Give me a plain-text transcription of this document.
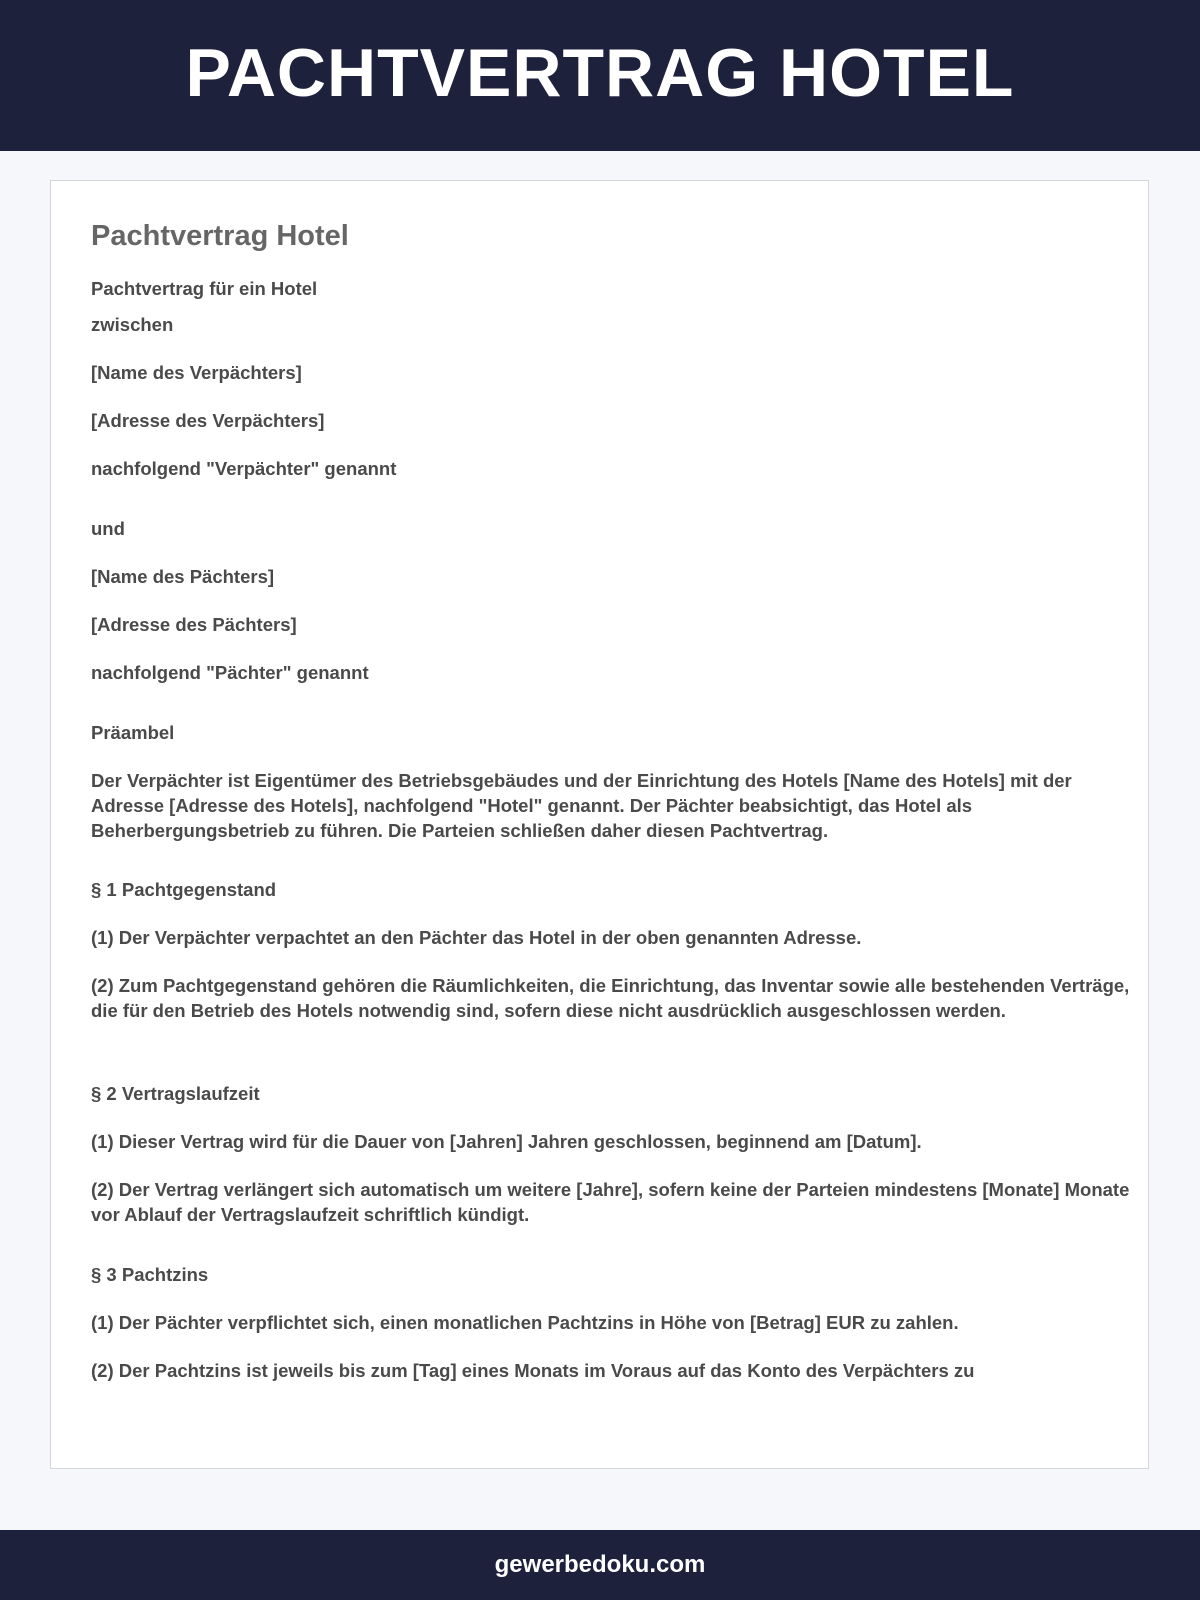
PACHTVERTRAG HOTEL
Pachtvertrag Hotel

Pachtvertrag für ein Hotel

zwischen

[Name des Verpächters]

[Adresse des Verpächters]

nachfolgend "Verpächter" genannt

und

[Name des Pächters]

[Adresse des Pächters]

nachfolgend "Pächter" genannt

Präambel

Der Verpächter ist Eigentümer des Betriebsgebäudes und der Einrichtung des Hotels [Name des Hotels] mit der Adresse [Adresse des Hotels], nachfolgend "Hotel" genannt. Der Pächter beabsichtigt, das Hotel als Beherbergungsbetrieb zu führen. Die Parteien schließen daher diesen Pachtvertrag.

§ 1 Pachtgegenstand

(1) Der Verpächter verpachtet an den Pächter das Hotel in der oben genannten Adresse.

(2) Zum Pachtgegenstand gehören die Räumlichkeiten, die Einrichtung, das Inventar sowie alle bestehenden Verträge, die für den Betrieb des Hotels notwendig sind, sofern diese nicht ausdrücklich ausgeschlossen werden.

§ 2 Vertragslaufzeit

(1) Dieser Vertrag wird für die Dauer von [Jahren] Jahren geschlossen, beginnend am [Datum].

(2) Der Vertrag verlängert sich automatisch um weitere [Jahre], sofern keine der Parteien mindestens [Monate] Monate vor Ablauf der Vertragslaufzeit schriftlich kündigt.

§ 3 Pachtzins

(1) Der Pächter verpflichtet sich, einen monatlichen Pachtzins in Höhe von [Betrag] EUR zu zahlen.

(2) Der Pachtzins ist jeweils bis zum [Tag] eines Monats im Voraus auf das Konto des Verpächters zu

gewerbedoku.com
